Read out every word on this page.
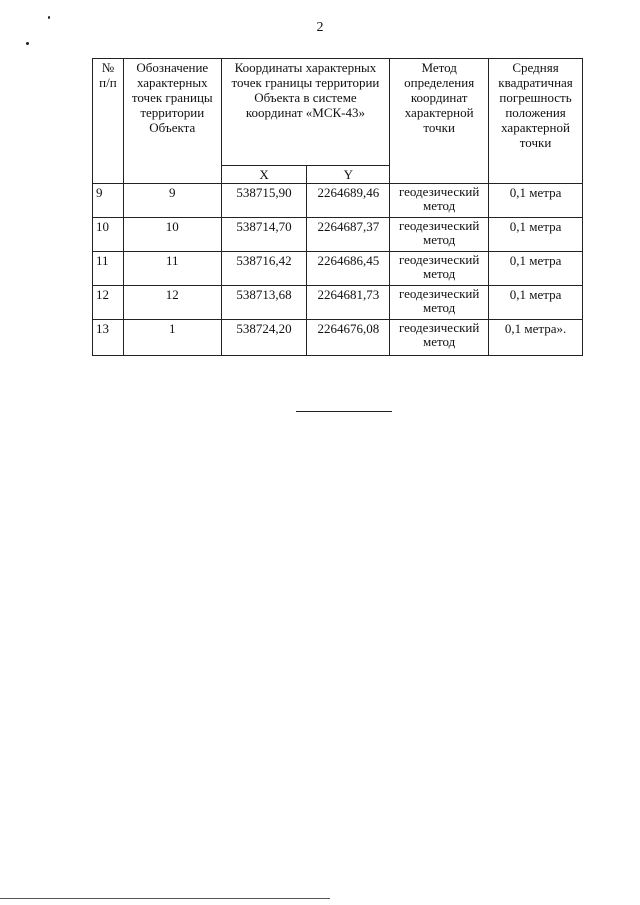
2
№ п/п	Обозначение характерных точек границы территории Объекта	Координаты характерных точек границы территории Объекта в системе координат «МСК-43»		Метод определения координат характерной точки	Средняя квадратичная погрешность положения характерной точки
		X	Y		
9	9	538715,90	2264689,46	геодезический метод	0,1 метра
10	10	538714,70	2264687,37	геодезический метод	0,1 метра
11	11	538716,42	2264686,45	геодезический метод	0,1 метра
12	12	538713,68	2264681,73	геодезический метод	0,1 метра
13	1	538724,20	2264676,08	геодезический метод	0,1 метра».
